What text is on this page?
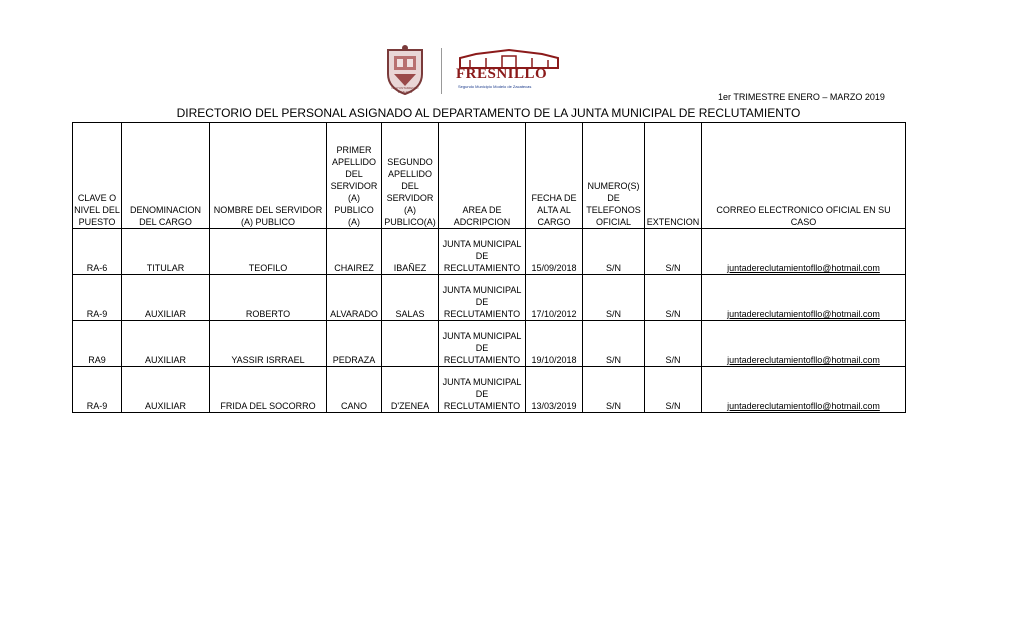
H. AYUNTAMIENTO
2018-2021
FRESNILLO
Segundo Municipio Modelo de Zacatecas
1er TRIMESTRE ENERO – MARZO 2019
DIRECTORIO DEL PERSONAL ASIGNADO AL DEPARTAMENTO DE LA JUNTA MUNICIPAL DE RECLUTAMIENTO
CLAVE O NIVEL DEL PUESTO	DENOMINACION DEL CARGO	NOMBRE DEL SERVIDOR (A) PUBLICO	PRIMER APELLIDO DEL SERVIDOR (A) PUBLICO (A)	SEGUNDO APELLIDO DEL SERVIDOR (A) PUBLICO(A)	AREA DE ADCRIPCION	FECHA DE ALTA AL CARGO	NUMERO(S) DE TELEFONOS OFICIAL	EXTENCION	CORREO ELECTRONICO OFICIAL EN SU CASO
RA-6	TITULAR	TEOFILO	CHAIREZ	IBAÑEZ	JUNTA MUNICIPAL DE RECLUTAMIENTO	15/09/2018	S/N	S/N	juntadereclutamientofllo@hotmail.com
RA-9	AUXILIAR	ROBERTO	ALVARADO	SALAS	JUNTA MUNICIPAL DE RECLUTAMIENTO	17/10/2012	S/N	S/N	juntadereclutamientofllo@hotmail.com
RA9	AUXILIAR	YASSIR ISRRAEL	PEDRAZA		JUNTA MUNICIPAL DE RECLUTAMIENTO	19/10/2018	S/N	S/N	juntadereclutamientofllo@hotmail.com
RA-9	AUXILIAR	FRIDA DEL SOCORRO	CANO	D'ZENEA	JUNTA MUNICIPAL DE RECLUTAMIENTO	13/03/2019	S/N	S/N	juntadereclutamientofllo@hotmail.com
